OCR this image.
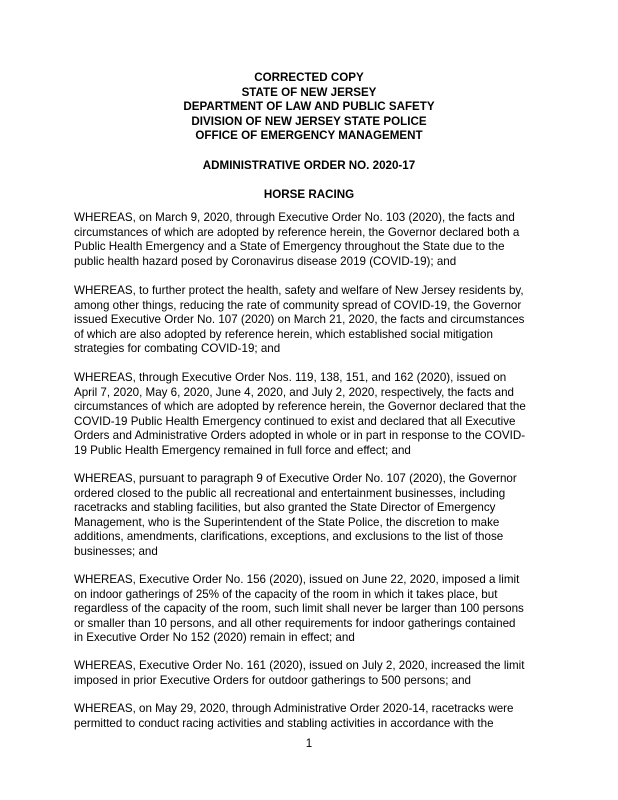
CORRECTED COPY
STATE OF NEW JERSEY
DEPARTMENT OF LAW AND PUBLIC SAFETY
DIVISION OF NEW JERSEY STATE POLICE
OFFICE OF EMERGENCY MANAGEMENT
ADMINISTRATIVE ORDER NO. 2020-17
HORSE RACING

WHEREAS, on March 9, 2020, through Executive Order No. 103 (2020), the facts and
circumstances of which are adopted by reference herein, the Governor declared both a
Public Health Emergency and a State of Emergency throughout the State due to the
public health hazard posed by Coronavirus disease 2019 (COVID-19); and

WHEREAS, to further protect the health, safety and welfare of New Jersey residents by,
among other things, reducing the rate of community spread of COVID-19, the Governor
issued Executive Order No. 107 (2020) on March 21, 2020, the facts and circumstances
of which are also adopted by reference herein, which established social mitigation
strategies for combating COVID-19; and

WHEREAS, through Executive Order Nos. 119, 138, 151, and 162 (2020), issued on
April 7, 2020, May 6, 2020, June 4, 2020, and July 2, 2020, respectively, the facts and
circumstances of which are adopted by reference herein, the Governor declared that the
COVID-19 Public Health Emergency continued to exist and declared that all Executive
Orders and Administrative Orders adopted in whole or in part in response to the COVID-
19 Public Health Emergency remained in full force and effect; and

WHEREAS, pursuant to paragraph 9 of Executive Order No. 107 (2020), the Governor
ordered closed to the public all recreational and entertainment businesses, including
racetracks and stabling facilities, but also granted the State Director of Emergency
Management, who is the Superintendent of the State Police, the discretion to make
additions, amendments, clarifications, exceptions, and exclusions to the list of those
businesses; and

WHEREAS, Executive Order No. 156 (2020), issued on June 22, 2020, imposed a limit
on indoor gatherings of 25% of the capacity of the room in which it takes place, but
regardless of the capacity of the room, such limit shall never be larger than 100 persons
or smaller than 10 persons, and all other requirements for indoor gatherings contained
in Executive Order No 152 (2020) remain in effect; and

WHEREAS, Executive Order No. 161 (2020), issued on July 2, 2020, increased the limit
imposed in prior Executive Orders for outdoor gatherings to 500 persons; and

WHEREAS, on May 29, 2020, through Administrative Order 2020-14, racetracks were
permitted to conduct racing activities and stabling activities in accordance with the

1
